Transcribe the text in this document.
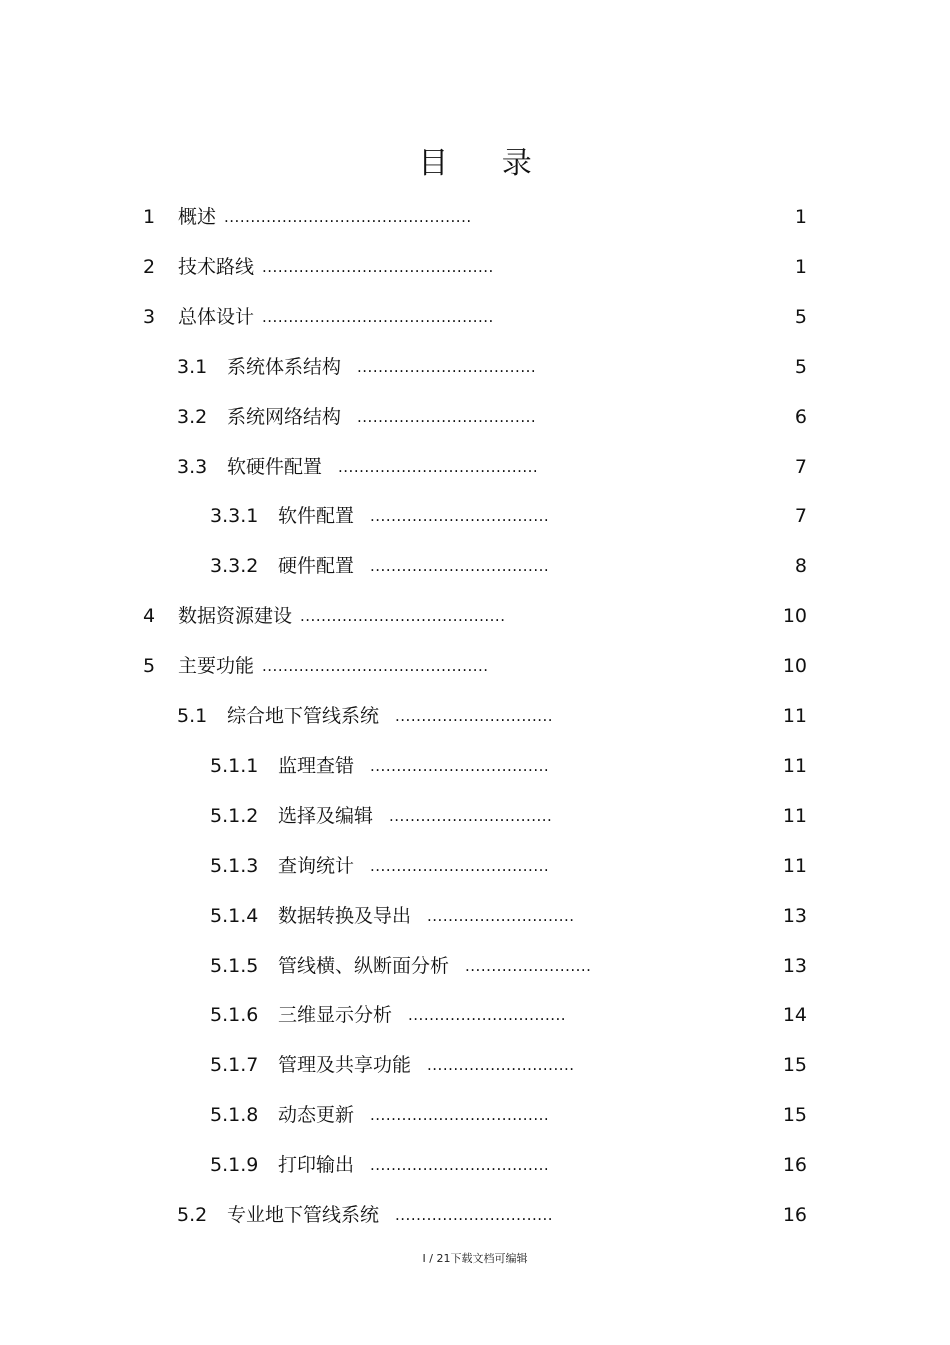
目 录
1 概述 ...............................................	1
2 技术路线 ............................................	1
3 总体设计 ............................................	5
3.1 系统体系结构 ..................................	5
3.2 系统网络结构 ..................................	6
3.3 软硬件配置 ......................................	7
3.3.1 软件配置 ..................................	7
3.3.2 硬件配置 ..................................	8
4 数据资源建设 .......................................	10
5 主要功能 ...........................................	10
5.1 综合地下管线系统 ..............................	11
5.1.1 监理查错 ..................................	11
5.1.2 选择及编辑 ...............................	11
5.1.3 查询统计 ..................................	11
5.1.4 数据转换及导出 ............................	13
5.1.5 管线横、纵断面分析 ........................	13
5.1.6 三维显示分析 ..............................	14
5.1.7 管理及共享功能 ............................	15
5.1.8 动态更新 ..................................	15
5.1.9 打印输出 ..................................	16
5.2 专业地下管线系统 ..............................	16
I / 21下载文档可编辑
